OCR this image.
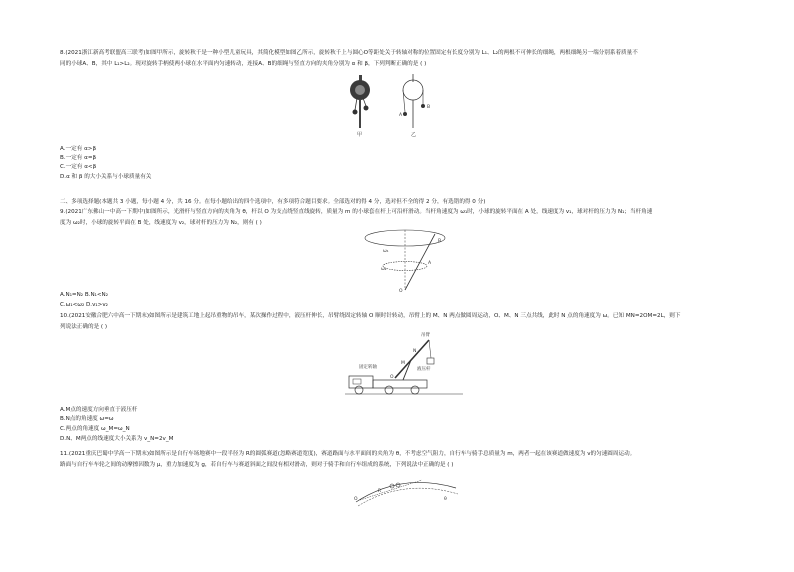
8.(2021浙江新高考联盟高三联考)如图甲所示，旋转秋千是一种小型儿童玩具，其简化模型如图乙所示，旋转秋千上与圆心O等距处关于转轴对称的位置固定有长度分别为 L₁、L₂的两根不可伸长的细绳，两根细绳另一端分别系着质量不
同的小球A、B，其中 L₁>L₂。现对旋转手柄使两小球在水平面内匀速转动，连接A、B的细绳与竖直方向的夹角分别为 α 和 β，下列判断正确的是 ( )
甲
A
B
乙
A.一定有 α>β
B.一定有 α=β
C.一定有 α<β
D.α 和 β 的大小关系与小球质量有关
二、多项选择题(本题共 3 小题，每小题 4 分，共 16 分。在每小题给出的四个选项中，有多项符合题目要求。全部选对的得 4 分，选对但不全的得 2 分，有选错的得 0 分)
9.(2021广东佛山一中高一下期中)如图所示，光滑杆与竖直方向的夹角为 θ，杆以 O 为支点绕竖直线旋转，质量为 m 的小球套在杆上可沿杆滑动。当杆角速度为 ω₁时，小球的旋转平面在 A 处，线速度为 v₁，球对杆的压力为 N₁；当杆角速
度为 ω₂时，小球的旋转平面在 B 处，线速度为 v₂，球对杆的压力为 N₂，则有 ( )
ω₁
ω₂
A
B
O
A.N₁=N₂ B.N₁<N₂
C.ω₁<ω₂ D.v₁>v₂
10.(2021安徽合肥六中高一下期末)如图所示是建筑工地上起吊重物的吊车，某次操作过程中，液压杆伸长，吊臂绕固定转轴 O 顺时针转动，吊臂上的 M、N 两点做圆周运动，O、M、N 三点共线，此时 N 点的角速度为 ω。已知 MN=2OM=2L，则下
列说法正确的是 ( )
吊臂
固定转轴	液压杆
O
M
N
A.M点的速度方向垂直于液压杆
B.N点的角速度 ω=ω
C.两点的角速度 ω_M=ω_N
D.N、M两点的线速度大小关系为 v_N=2v_M
11.(2021重庆巴蜀中学高一下期末)如图所示是自行车场地赛中一段半径为 R的圆弧赛道(忽略赛道宽度)，赛道路面与水平面间的夹角为 θ，不考虑空气阻力，自行车与骑手总质量为 m，两者一起在该赛道做速度为 v的匀速圆周运动。
路面与自行车车轮之间的动摩擦因数为 μ，重力加速度为 g，若自行车与赛道斜面之间没有相对滑动，则对于骑手和自行车组成的系统，下列说法中正确的是 ( )
O
R
θ
